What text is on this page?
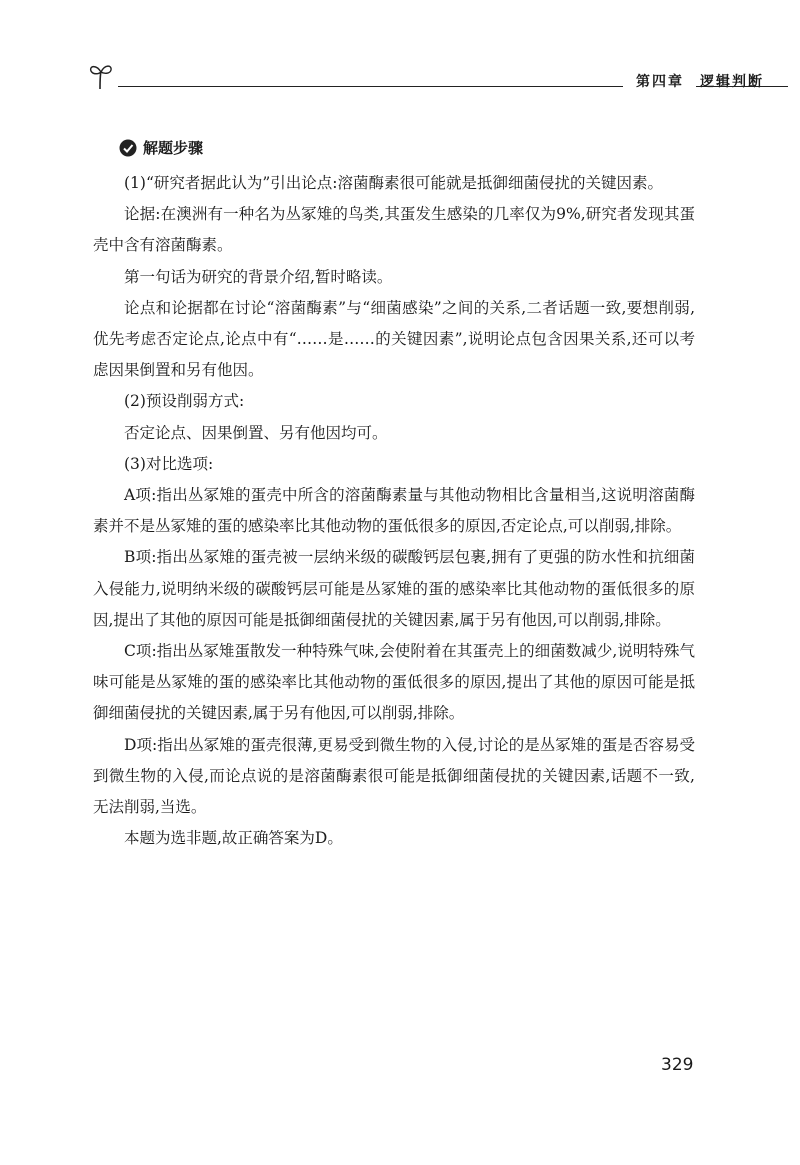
第四章 逻辑判断
解题步骤

(1)“研究者据此认为”引出论点:溶菌酶素很可能就是抵御细菌侵扰的关键因素。

论据:在澳洲有一种名为丛冢雉的鸟类,其蛋发生感染的几率仅为9%,研究者发现其蛋壳中含有溶菌酶素。

第一句话为研究的背景介绍,暂时略读。

论点和论据都在讨论“溶菌酶素”与“细菌感染”之间的关系,二者话题一致,要想削弱,优先考虑否定论点,论点中有“……是……的关键因素”,说明论点包含因果关系,还可以考虑因果倒置和另有他因。

(2)预设削弱方式:

否定论点、因果倒置、另有他因均可。

(3)对比选项:

A项:指出丛冢雉的蛋壳中所含的溶菌酶素量与其他动物相比含量相当,这说明溶菌酶素并不是丛冢雉的蛋的感染率比其他动物的蛋低很多的原因,否定论点,可以削弱,排除。

B项:指出丛冢雉的蛋壳被一层纳米级的碳酸钙层包裹,拥有了更强的防水性和抗细菌入侵能力,说明纳米级的碳酸钙层可能是丛冢雉的蛋的感染率比其他动物的蛋低很多的原因,提出了其他的原因可能是抵御细菌侵扰的关键因素,属于另有他因,可以削弱,排除。

C项:指出丛冢雉蛋散发一种特殊气味,会使附着在其蛋壳上的细菌数减少,说明特殊气味可能是丛冢雉的蛋的感染率比其他动物的蛋低很多的原因,提出了其他的原因可能是抵御细菌侵扰的关键因素,属于另有他因,可以削弱,排除。

D项:指出丛冢雉的蛋壳很薄,更易受到微生物的入侵,讨论的是丛冢雉的蛋是否容易受到微生物的入侵,而论点说的是溶菌酶素很可能是抵御细菌侵扰的关键因素,话题不一致,无法削弱,当选。

本题为选非题,故正确答案为D。

329
